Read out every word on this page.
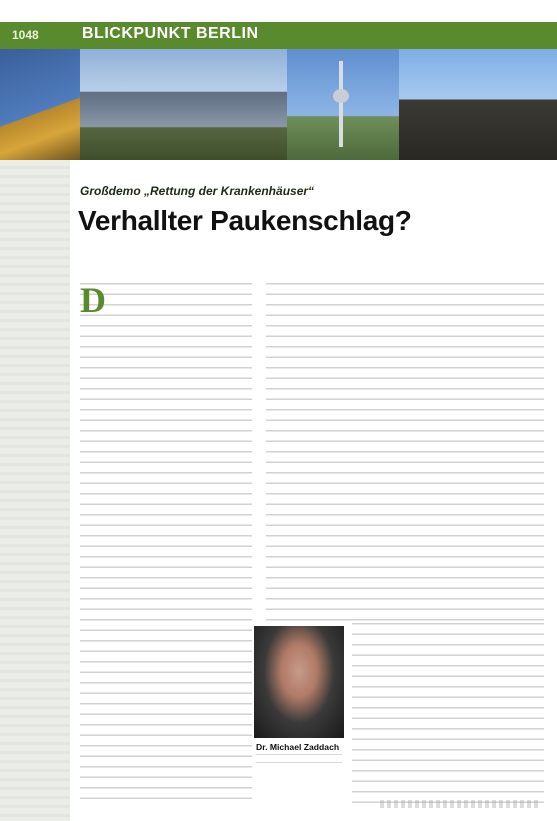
1048	BLICKPUNKT BERLIN
Großdemo „Rettung der Krankenhäuser“
Verhallter Paukenschlag?
D
Dr. Michael Zaddach
